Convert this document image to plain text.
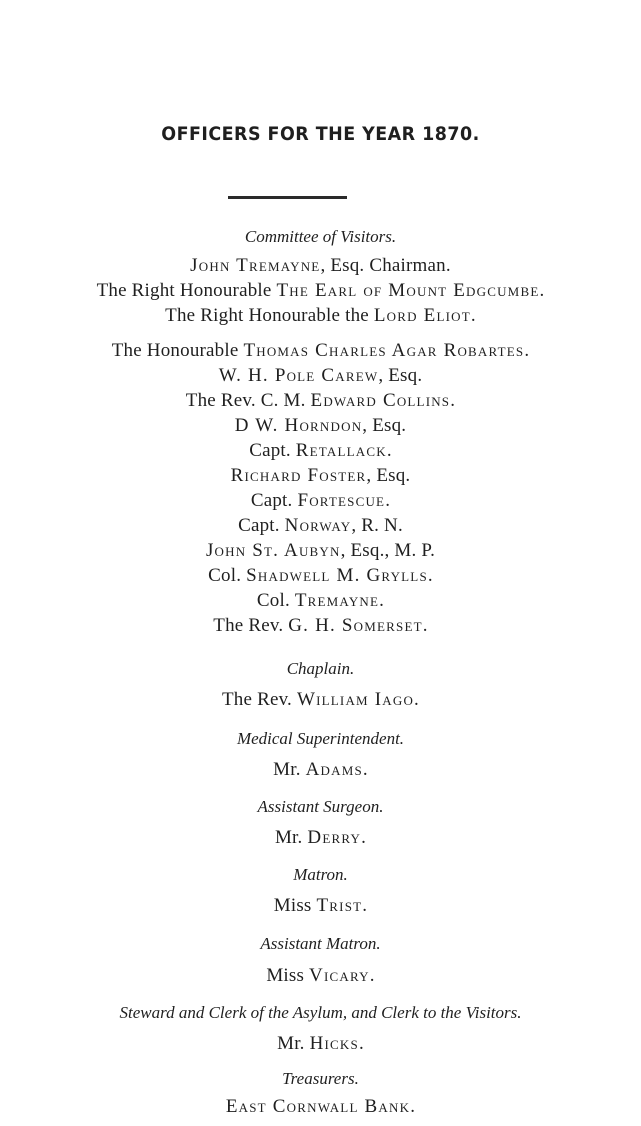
OFFICERS FOR THE YEAR 1870.
Committee of Visitors.
John Tremayne, Esq. Chairman.
The Right Honourable The Earl of Mount Edgcumbe.
The Right Honourable the Lord Eliot.
The Honourable Thomas Charles Agar Robartes.
W. H. Pole Carew, Esq.
The Rev. C. M. Edward Collins.
D W. Horndon, Esq.
Capt. Retallack.
Richard Foster, Esq.
Capt. Fortescue.
Capt. Norway, R. N.
John St. Aubyn, Esq., M. P.
Col. Shadwell M. Grylls.
Col. Tremayne.
The Rev. G. H. Somerset.
Chaplain.
The Rev. William Iago.
Medical Superintendent.
Mr. Adams.
Assistant Surgeon.
Mr. Derry.
Matron.
Miss Trist.
Assistant Matron.
Miss Vicary.
Steward and Clerk of the Asylum, and Clerk to the Visitors.
Mr. Hicks.
Treasurers.
East Cornwall Bank.
